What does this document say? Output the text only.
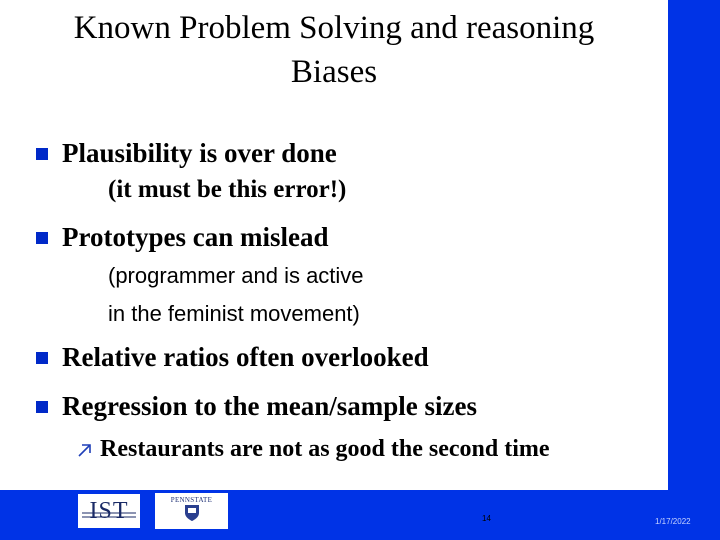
Known Problem Solving and reasoning
Biases
Plausibility is over done
(it must be this error!)
Prototypes can mislead
(programmer and is active
in the feminist movement)
Relative ratios often overlooked
Regression to the mean/sample sizes
Restaurants are not as good the second time
IST	PENNSTATE
14	1/17/2022
